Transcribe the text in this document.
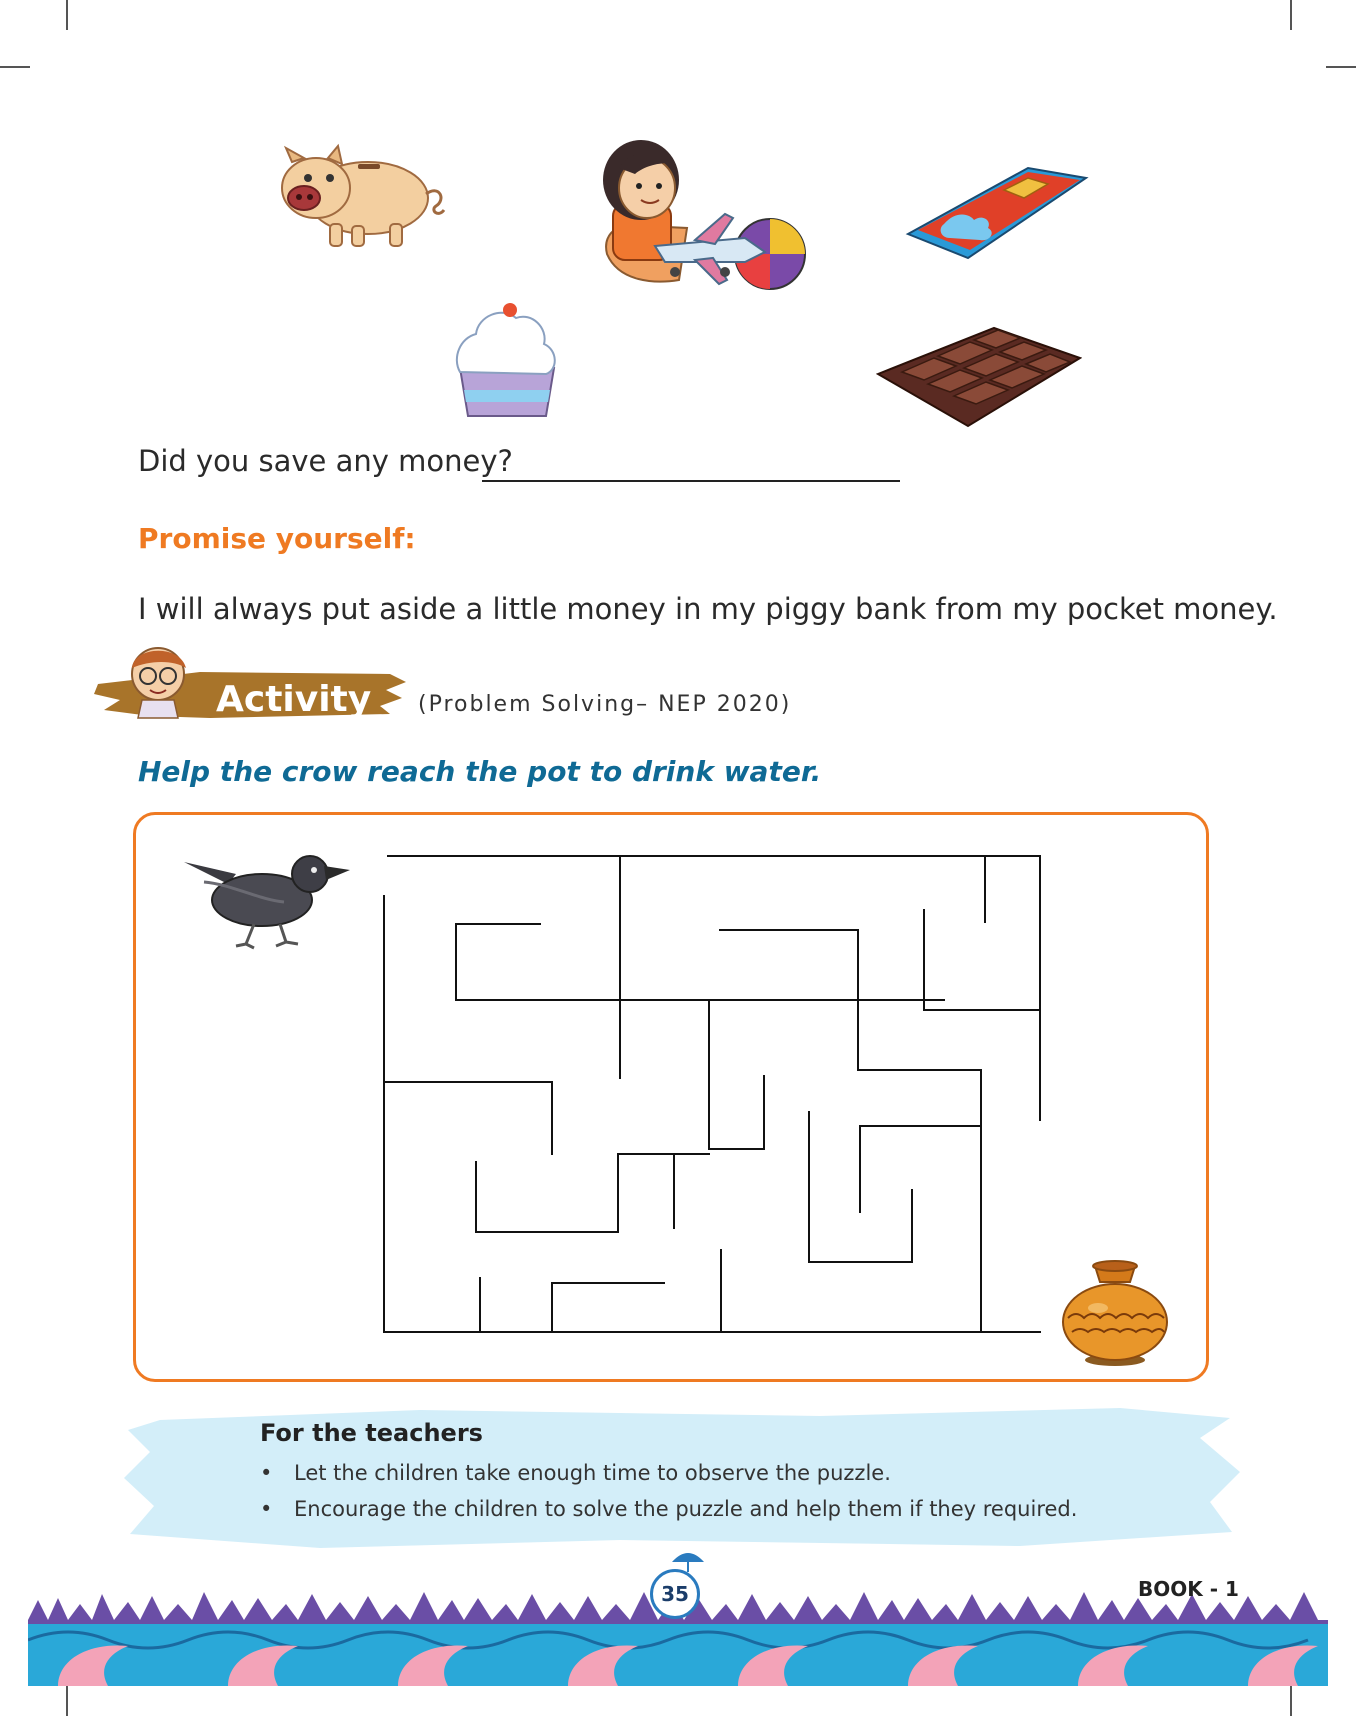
Did you save any money?
Promise yourself:
I will always put aside a little money in my piggy bank from my pocket money.
Activity (Problem Solving– NEP 2020)
Help the crow reach the pot to drink water.
For the teachers
• Let the children take enough time to observe the puzzle.
• Encourage the children to solve the puzzle and help them if they required.
35	BOOK - 1
